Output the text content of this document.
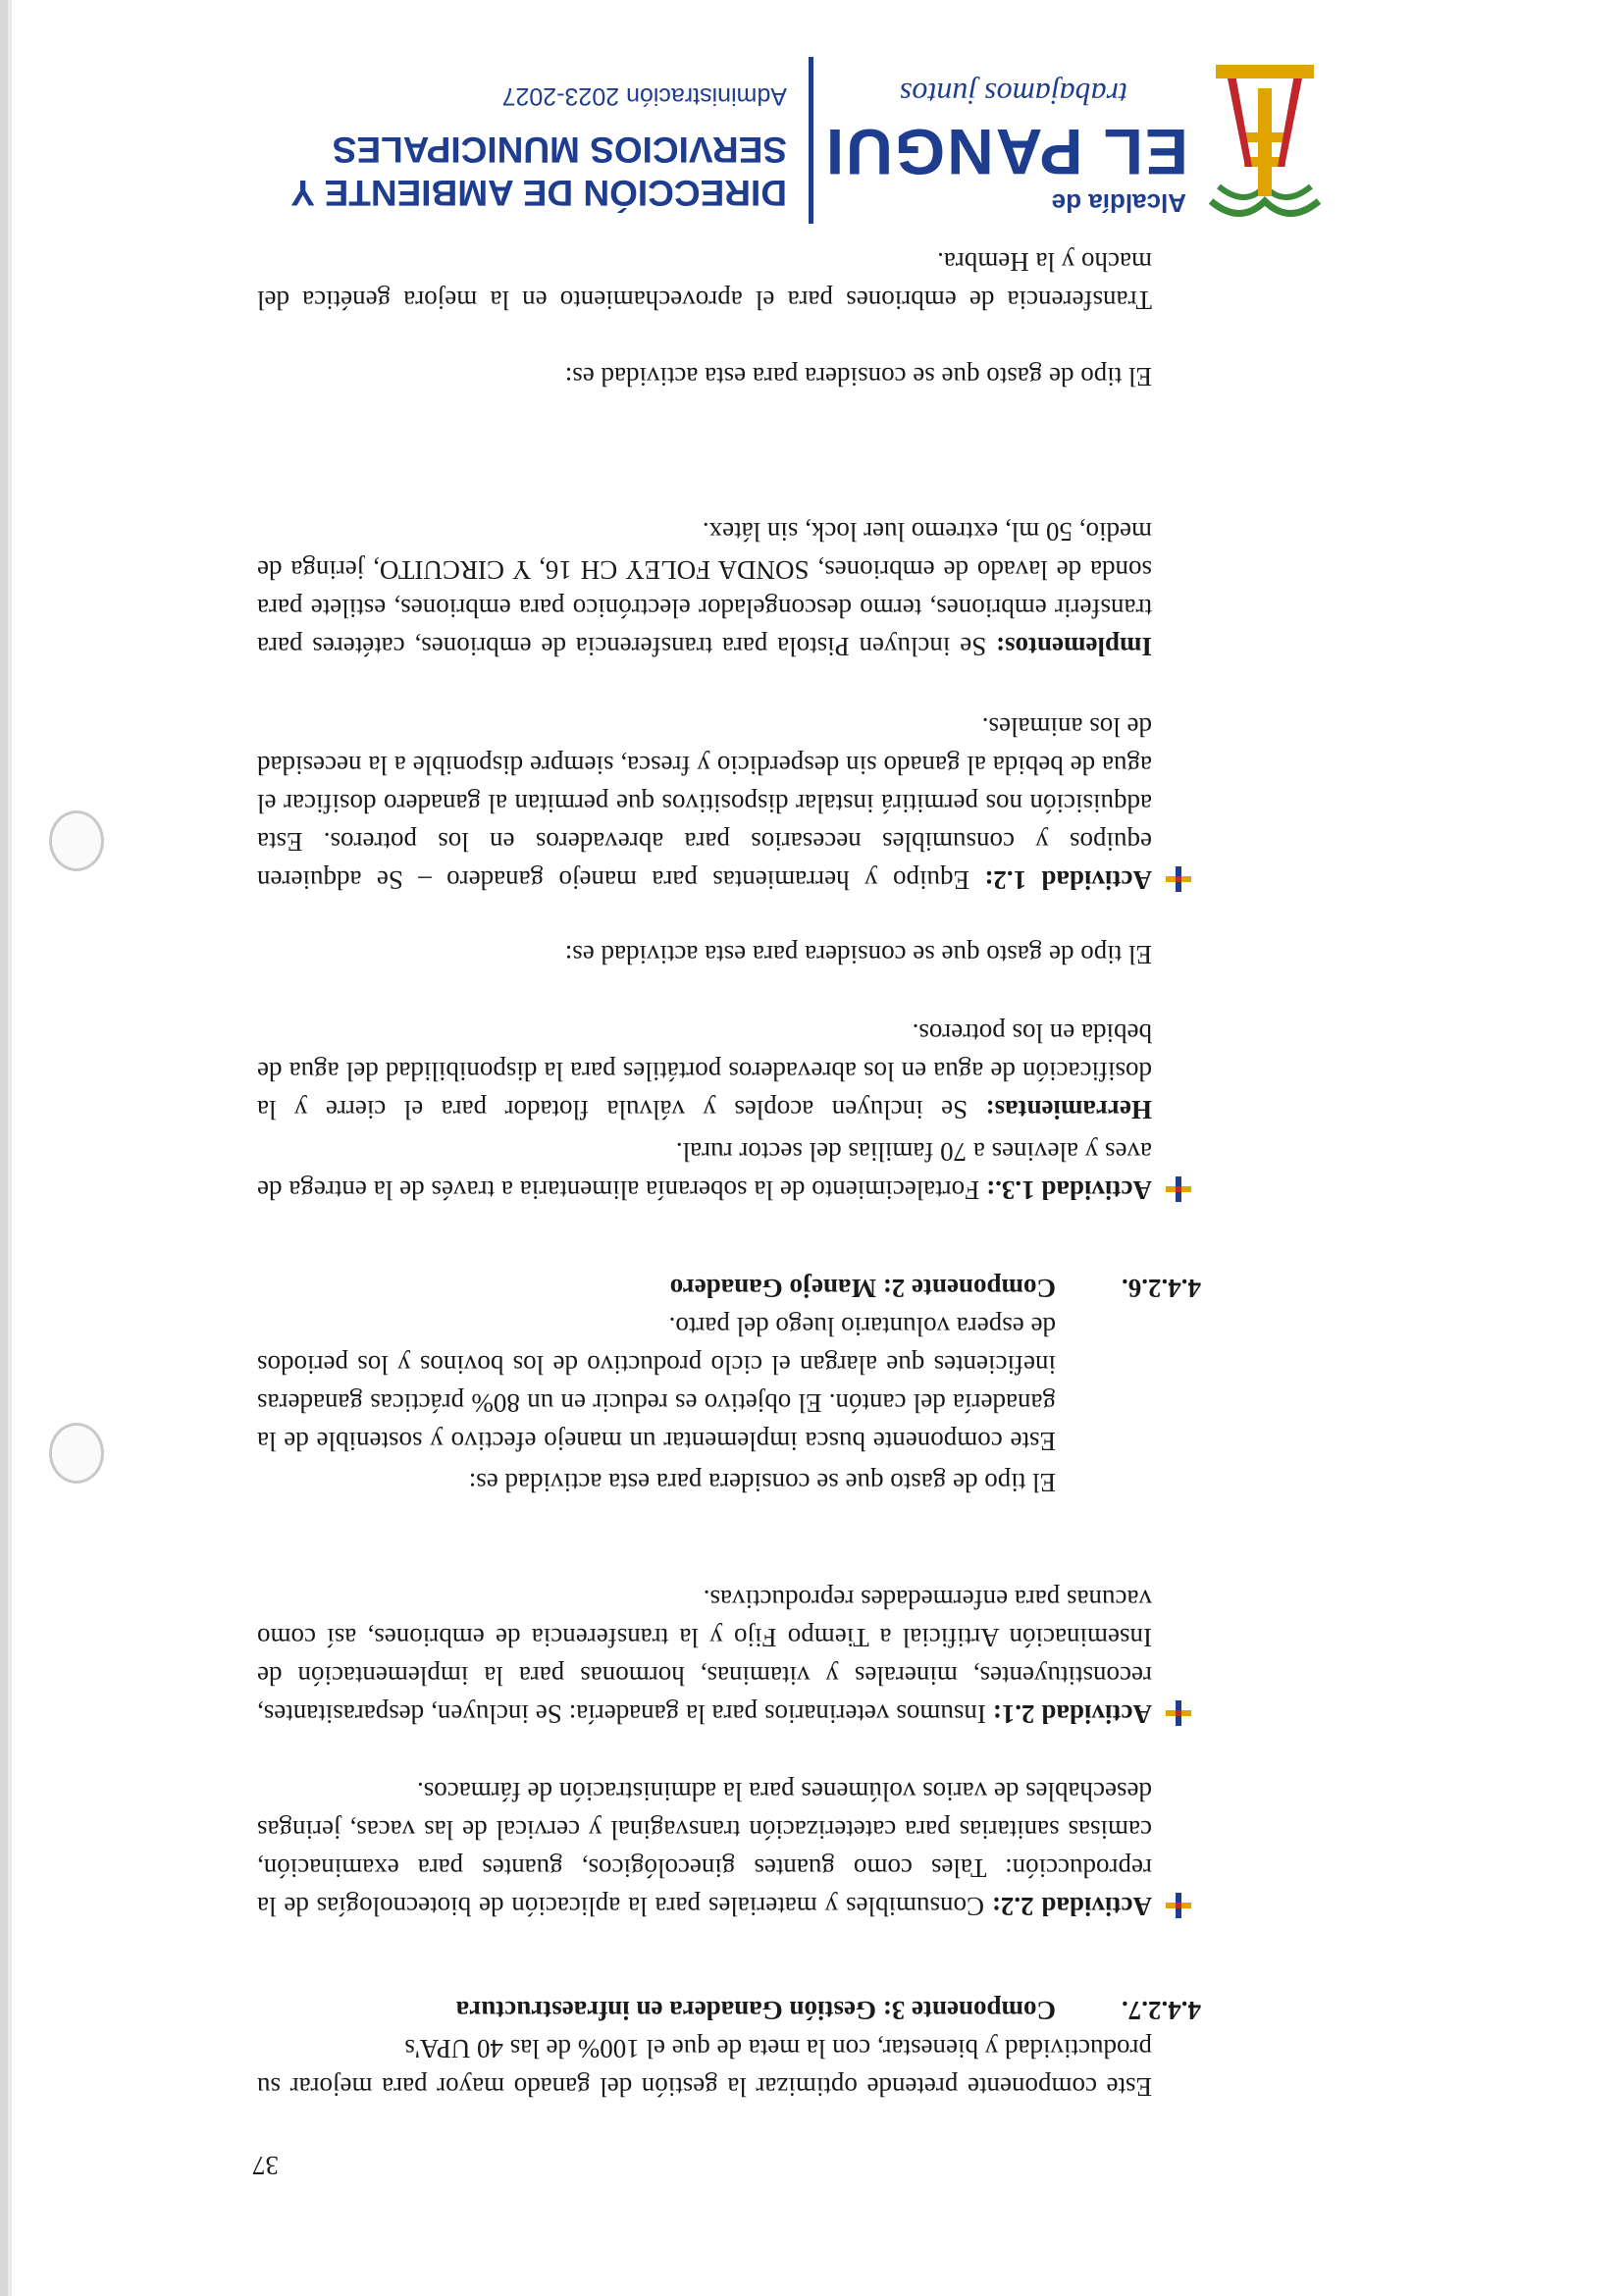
Alcaldía de
EL PANGUI
trabajamos juntos
DIRECCIÓN DE AMBIENTE Y
SERVICIOS MUNICIPALES
Administración 2023-2027
Transferencia de embriones para el aprovechamiento en la mejora genética del macho y la Hembra.
El tipo de gasto que se considera para esta actividad es:
Implementos: Se incluyen Pistola para transferencia de embriones, catéteres para transferir embriones, termo descongelador electrónico para embriones, estilete para sonda de lavado de embriones, SONDA FOLEY CH 16, Y CIRCUITO, jeringa de medio, 50 ml, extremo luer lock, sin látex.
Actividad 1.2: Equipo y herramientas para manejo ganadero – Se adquieren equipos y consumibles necesarios para abrevaderos en los potreros. Esta adquisición nos permitirá instalar dispositivos que permitan al ganadero dosificar el agua de bebida al ganado sin desperdicio y fresca, siempre disponible a la necesidad de los animales.
El tipo de gasto que se considera para esta actividad es:
Herramientas: Se incluyen acoples y válvula flotador para el cierre y la dosificación de agua en los abrevaderos portátiles para la disponibilidad del agua de bebida en los potreros.
Actividad 1.3.: Fortalecimiento de la soberanía alimentaria a través de la entrega de aves y alevines a 70 familias del sector rural.
4.4.2.6.
Componente 2: Manejo Ganadero
Este componente busca implementar un manejo efectivo y sostenible de la ganadería del cantón. El objetivo es reducir en un 80% prácticas ganaderas ineficientes que alargan el ciclo productivo de los bovinos y los periodos de espera voluntario luego del parto.
El tipo de gasto que se considera para esta actividad es:
Actividad 2.1: Insumos veterinarios para la ganadería: Se incluyen, desparasitantes, reconstituyentes, minerales y vitaminas, hormonas para la implementación de Inseminación Artificial a Tiempo Fijo y la transferencia de embriones, así como vacunas para enfermedades reproductivas.
Actividad 2.2: Consumibles y materiales para la aplicación de biotecnologías de la reproducción: Tales como guantes ginecológicos, guantes para examinación, camisas sanitarias para cateterización transvaginal y cervical de las vacas, jeringas desechables de varios volúmenes para la administración de fármacos.
4.4.2.7.
Componente 3: Gestión Ganadera en infraestructura
Este componente pretende optimizar la gestión del ganado mayor para mejorar su productividad y bienestar, con la meta de que el 100% de las 40 UPA's
37
